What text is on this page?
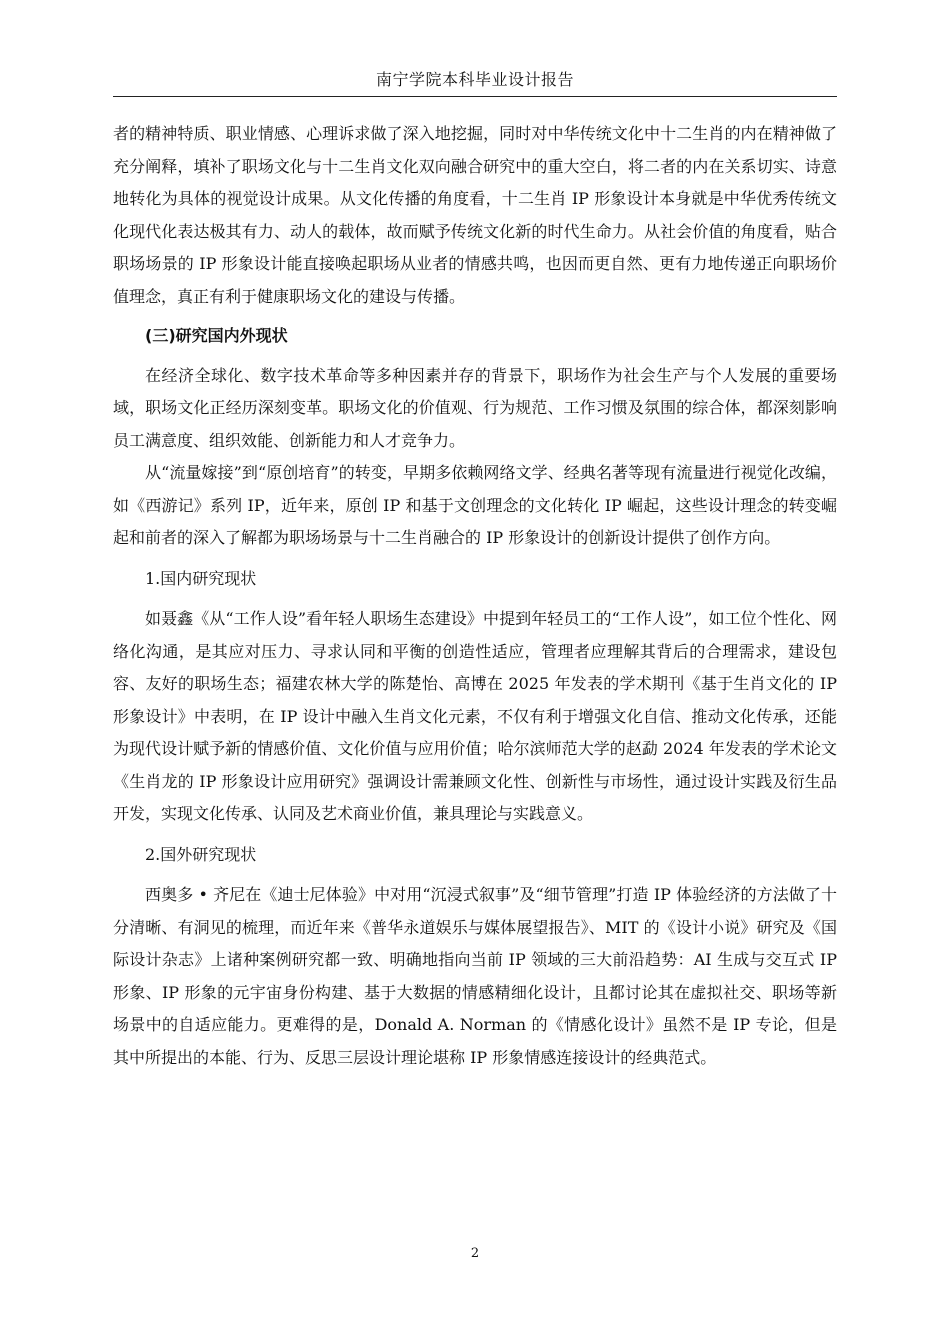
南宁学院本科毕业设计报告

者的精神特质、职业情感、心理诉求做了深入地挖掘，同时对中华传统文化中十二生肖的内在精神做了充分阐释，填补了职场文化与十二生肖文化双向融合研究中的重大空白，将二者的内在关系切实、诗意地转化为具体的视觉设计成果。从文化传播的角度看，十二生肖 IP 形象设计本身就是中华优秀传统文化现代化表达极其有力、动人的载体，故而赋予传统文化新的时代生命力。从社会价值的角度看，贴合职场场景的 IP 形象设计能直接唤起职场从业者的情感共鸣，也因而更自然、更有力地传递正向职场价值理念，真正有利于健康职场文化的建设与传播。

(三)研究国内外现状

在经济全球化、数字技术革命等多种因素并存的背景下，职场作为社会生产与个人发展的重要场域，职场文化正经历深刻变革。职场文化的价值观、行为规范、工作习惯及氛围的综合体，都深刻影响员工满意度、组织效能、创新能力和人才竞争力。

从“流量嫁接”到“原创培育”的转变，早期多依赖网络文学、经典名著等现有流量进行视觉化改编，如《西游记》系列 IP，近年来，原创 IP 和基于文创理念的文化转化 IP 崛起，这些设计理念的转变崛起和前者的深入了解都为职场场景与十二生肖融合的 IP 形象设计的创新设计提供了创作方向。

1.国内研究现状

如聂鑫《从“工作人设”看年轻人职场生态建设》中提到年轻员工的“工作人设”，如工位个性化、网络化沟通，是其应对压力、寻求认同和平衡的创造性适应，管理者应理解其背后的合理需求，建设包容、友好的职场生态；福建农林大学的陈楚怡、高博在 2025 年发表的学术期刊《基于生肖文化的 IP 形象设计》中表明，在 IP 设计中融入生肖文化元素，不仅有利于增强文化自信、推动文化传承，还能为现代设计赋予新的情感价值、文化价值与应用价值；哈尔滨师范大学的赵勐 2024 年发表的学术论文《生肖龙的 IP 形象设计应用研究》强调设计需兼顾文化性、创新性与市场性，通过设计实践及衍生品开发，实现文化传承、认同及艺术商业价值，兼具理论与实践意义。

2.国外研究现状

西奥多 • 齐尼在《迪士尼体验》中对用“沉浸式叙事”及“细节管理”打造 IP 体验经济的方法做了十分清晰、有洞见的梳理，而近年来《普华永道娱乐与媒体展望报告》、MIT 的《设计小说》研究及《国际设计杂志》上诸种案例研究都一致、明确地指向当前 IP 领域的三大前沿趋势：AI 生成与交互式 IP 形象、IP 形象的元宇宙身份构建、基于大数据的情感精细化设计，且都讨论其在虚拟社交、职场等新场景中的自适应能力。更难得的是，Donald A. Norman 的《情感化设计》虽然不是 IP 专论，但是其中所提出的本能、行为、反思三层设计理论堪称 IP 形象情感连接设计的经典范式。

2
